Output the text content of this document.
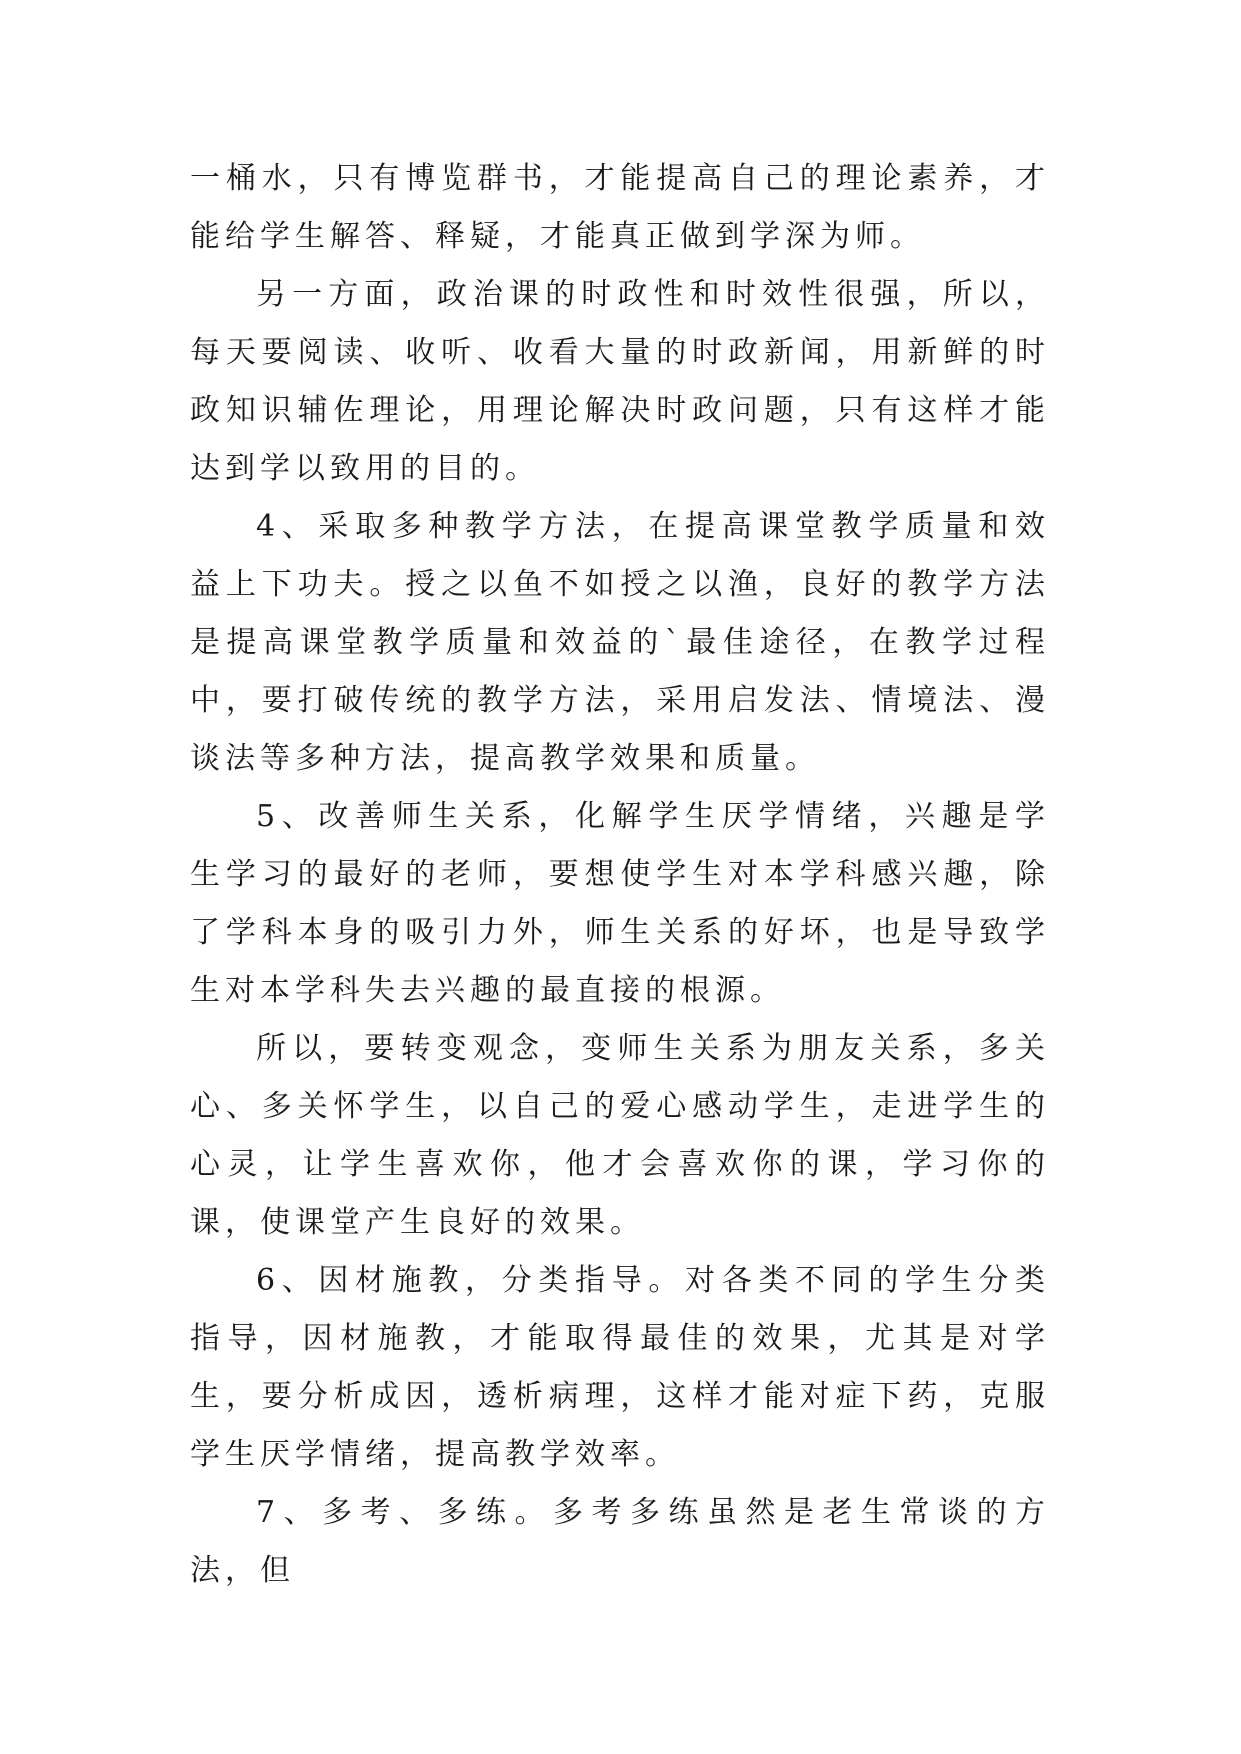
一桶水，只有博览群书，才能提高自己的理论素养，才能给学生解答、释疑，才能真正做到学深为师。

另一方面，政治课的时政性和时效性很强，所以，每天要阅读、收听、收看大量的时政新闻，用新鲜的时政知识辅佐理论，用理论解决时政问题，只有这样才能达到学以致用的目的。

4、采取多种教学方法，在提高课堂教学质量和效益上下功夫。授之以鱼不如授之以渔，良好的教学方法是提高课堂教学质量和效益的`最佳途径，在教学过程中，要打破传统的教学方法，采用启发法、情境法、漫谈法等多种方法，提高教学效果和质量。

5、改善师生关系，化解学生厌学情绪，兴趣是学生学习的最好的老师，要想使学生对本学科感兴趣，除了学科本身的吸引力外，师生关系的好坏，也是导致学生对本学科失去兴趣的最直接的根源。

所以，要转变观念，变师生关系为朋友关系，多关心、多关怀学生，以自己的爱心感动学生，走进学生的心灵，让学生喜欢你，他才会喜欢你的课，学习你的课，使课堂产生良好的效果。

6、因材施教，分类指导。对各类不同的学生分类指导，因材施教，才能取得最佳的效果，尤其是对学生，要分析成因，透析病理，这样才能对症下药，克服学生厌学情绪，提高教学效率。

7、多考、多练。多考多练虽然是老生常谈的方法，但
